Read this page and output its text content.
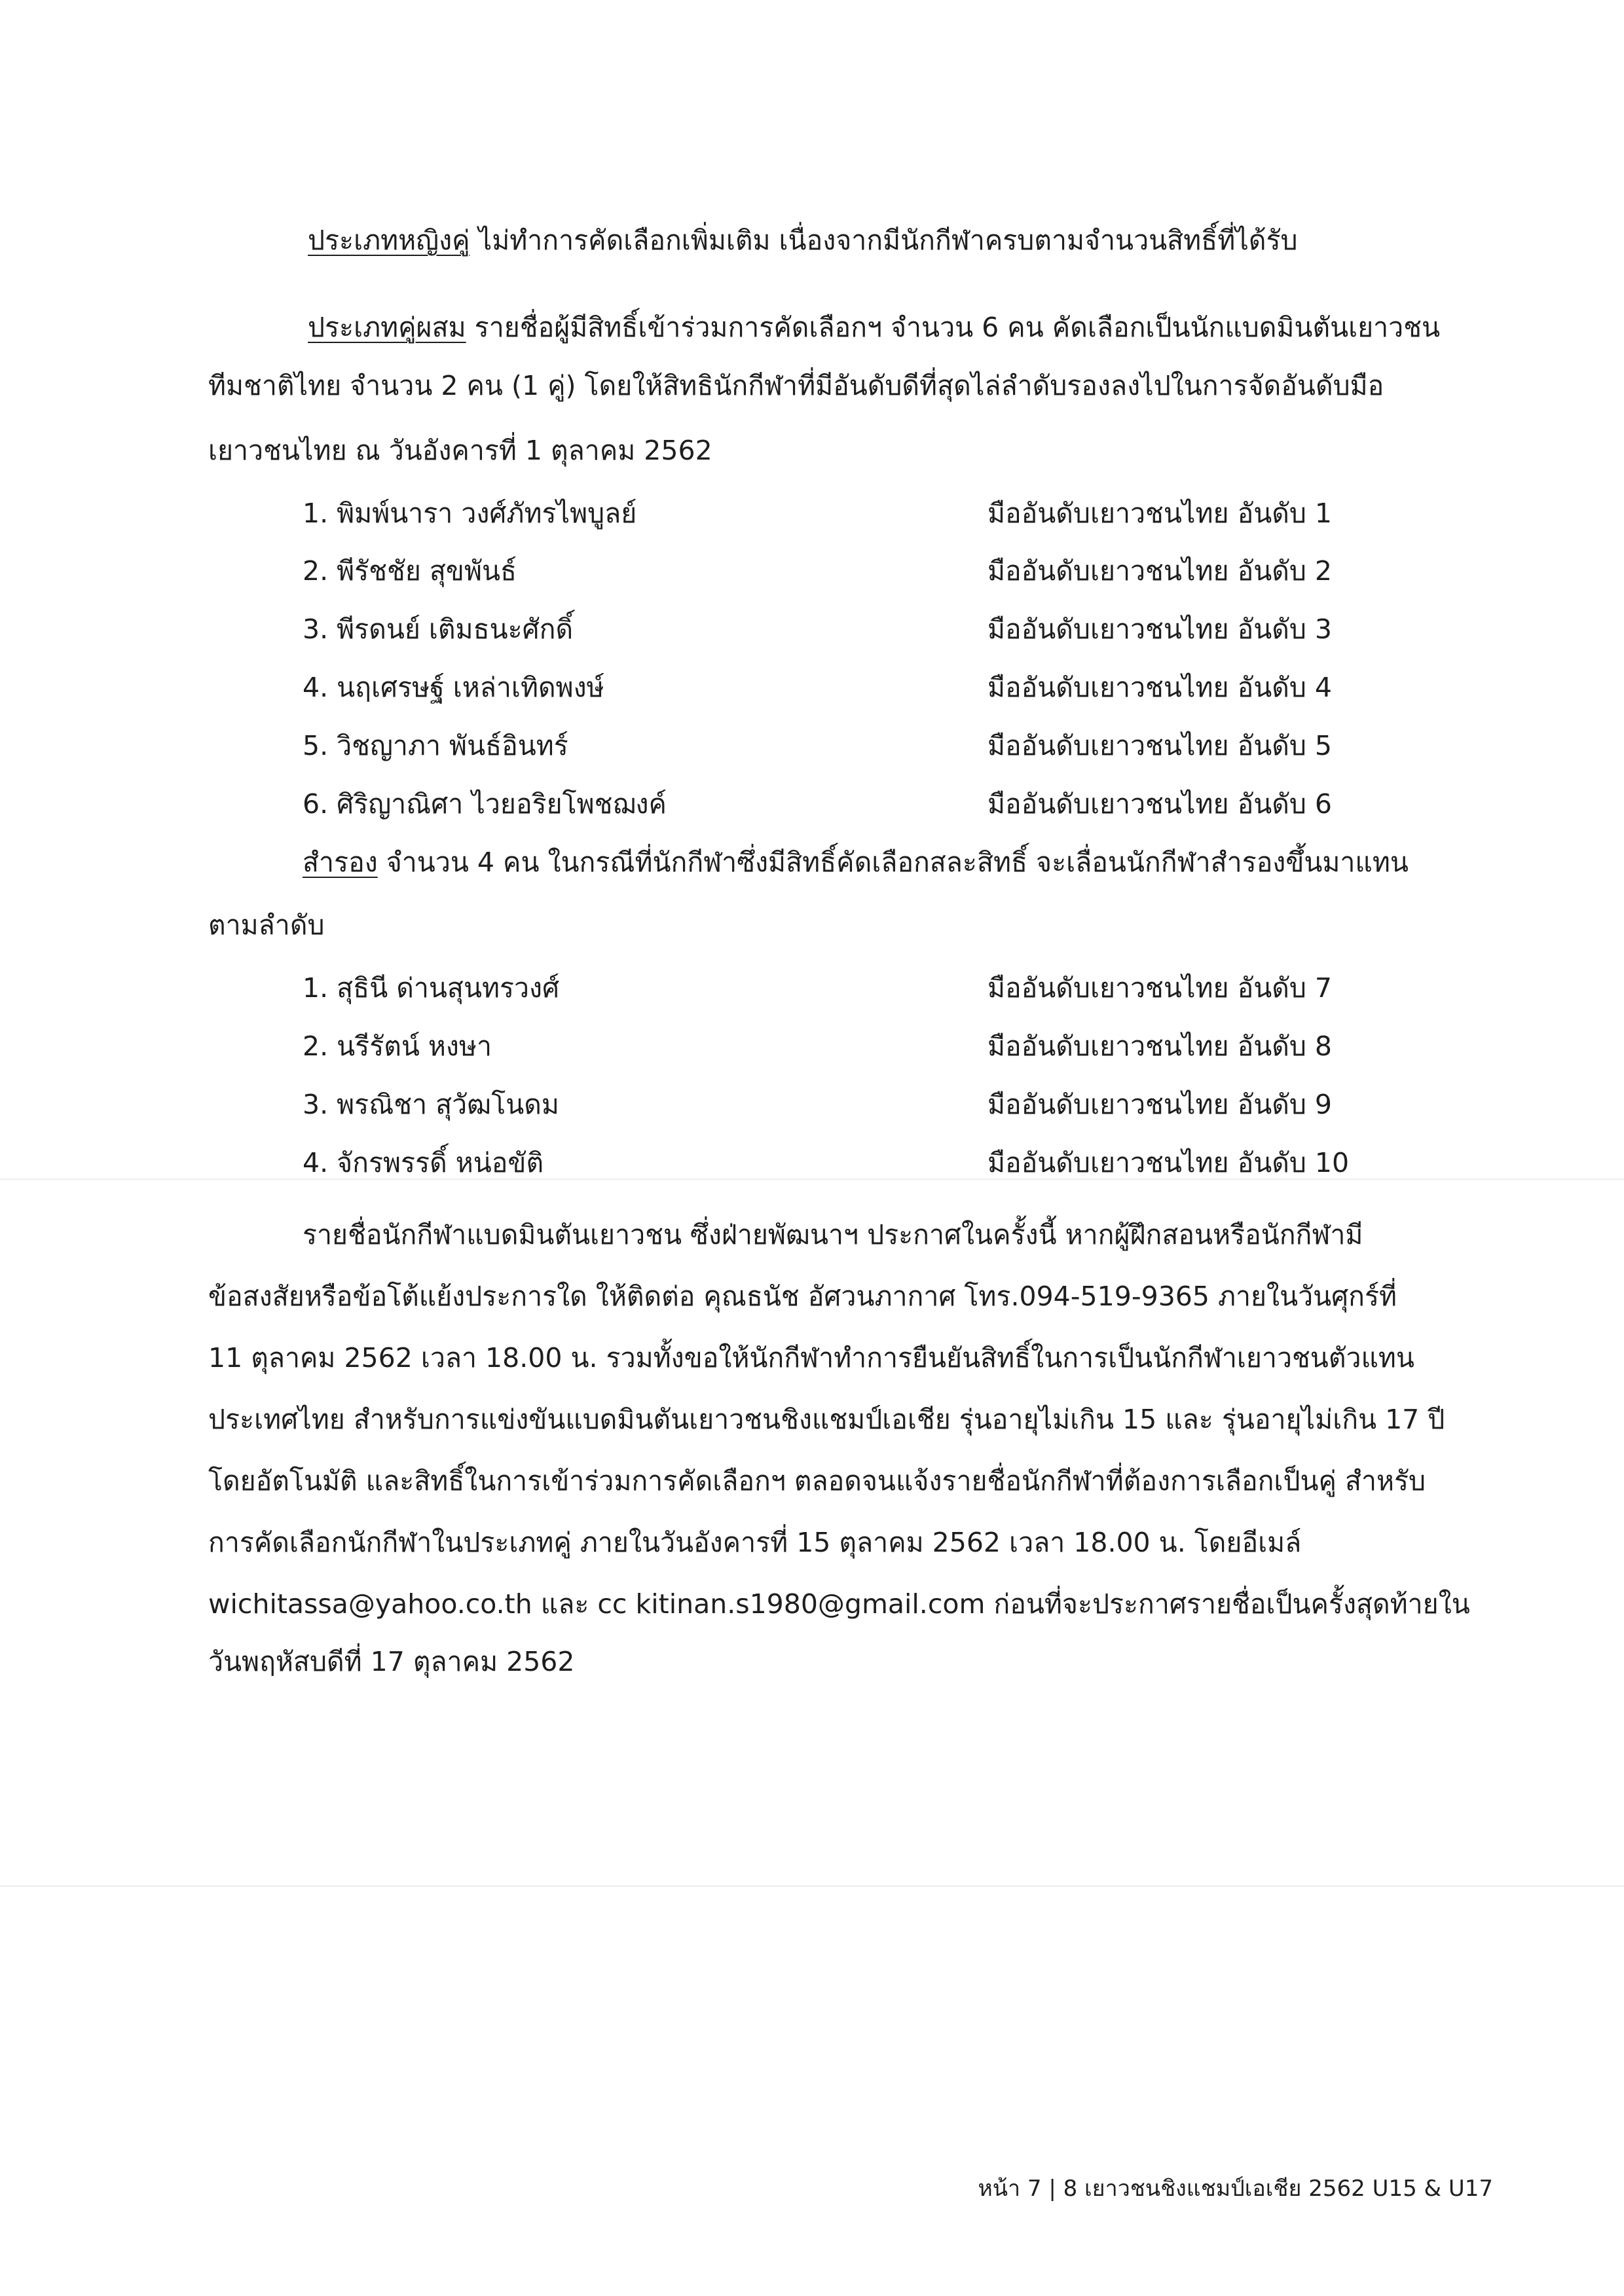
ประเภทหญิงคู่ ไม่ทำการคัดเลือกเพิ่มเติม เนื่องจากมีนักกีฬาครบตามจำนวนสิทธิ์ที่ได้รับ
ประเภทคู่ผสม รายชื่อผู้มีสิทธิ์เข้าร่วมการคัดเลือกฯ จำนวน 6 คน คัดเลือกเป็นนักแบดมินตันเยาวชน
ทีมชาติไทย จำนวน 2 คน (1 คู่) โดยให้สิทธินักกีฬาที่มีอันดับดีที่สุดไล่ลำดับรองลงไปในการจัดอันดับมือ
เยาวชนไทย ณ วันอังคารที่ 1 ตุลาคม 2562
1. พิมพ์นารา วงศ์ภัทรไพบูลย์	มืออันดับเยาวชนไทย อันดับ 1
2. พีรัชชัย สุขพันธ์	มืออันดับเยาวชนไทย อันดับ 2
3. พีรดนย์ เติมธนะศักดิ์	มืออันดับเยาวชนไทย อันดับ 3
4. นฤเศรษฐ์ เหล่าเทิดพงษ์	มืออันดับเยาวชนไทย อันดับ 4
5. วิชญาภา พันธ์อินทร์	มืออันดับเยาวชนไทย อันดับ 5
6. ศิริญาณิศา ไวยอริยโพชฌงค์	มืออันดับเยาวชนไทย อันดับ 6
สำรอง จำนวน 4 คน ในกรณีที่นักกีฬาซึ่งมีสิทธิ์คัดเลือกสละสิทธิ์ จะเลื่อนนักกีฬาสำรองขึ้นมาแทน
ตามลำดับ
1. สุธินี ด่านสุนทรวงศ์	มืออันดับเยาวชนไทย อันดับ 7
2. นรีรัตน์ หงษา	มืออันดับเยาวชนไทย อันดับ 8
3. พรณิชา สุวัฒโนดม	มืออันดับเยาวชนไทย อันดับ 9
4. จักรพรรดิ์ หน่อขัติ	มืออันดับเยาวชนไทย อันดับ 10
รายชื่อนักกีฬาแบดมินตันเยาวชน ซึ่งฝ่ายพัฒนาฯ ประกาศในครั้งนี้ หากผู้ฝึกสอนหรือนักกีฬามี
ข้อสงสัยหรือข้อโต้แย้งประการใด ให้ติดต่อ คุณธนัช อัศวนภากาศ โทร.094-519-9365 ภายในวันศุกร์ที่
11 ตุลาคม 2562 เวลา 18.00 น. รวมทั้งขอให้นักกีฬาทำการยืนยันสิทธิ์ในการเป็นนักกีฬาเยาวชนตัวแทน
ประเทศไทย สำหรับการแข่งขันแบดมินตันเยาวชนชิงแชมป์เอเชีย รุ่นอายุไม่เกิน 15 และ รุ่นอายุไม่เกิน 17 ปี
โดยอัตโนมัติ และสิทธิ์ในการเข้าร่วมการคัดเลือกฯ ตลอดจนแจ้งรายชื่อนักกีฬาที่ต้องการเลือกเป็นคู่ สำหรับ
การคัดเลือกนักกีฬาในประเภทคู่ ภายในวันอังคารที่ 15 ตุลาคม 2562 เวลา 18.00 น. โดยอีเมล์
wichitassa@yahoo.co.th และ cc kitinan.s1980@gmail.com ก่อนที่จะประกาศรายชื่อเป็นครั้งสุดท้ายใน
วันพฤหัสบดีที่ 17 ตุลาคม 2562
หน้า 7 | 8 เยาวชนชิงแชมป์เอเชีย 2562 U15 & U17
